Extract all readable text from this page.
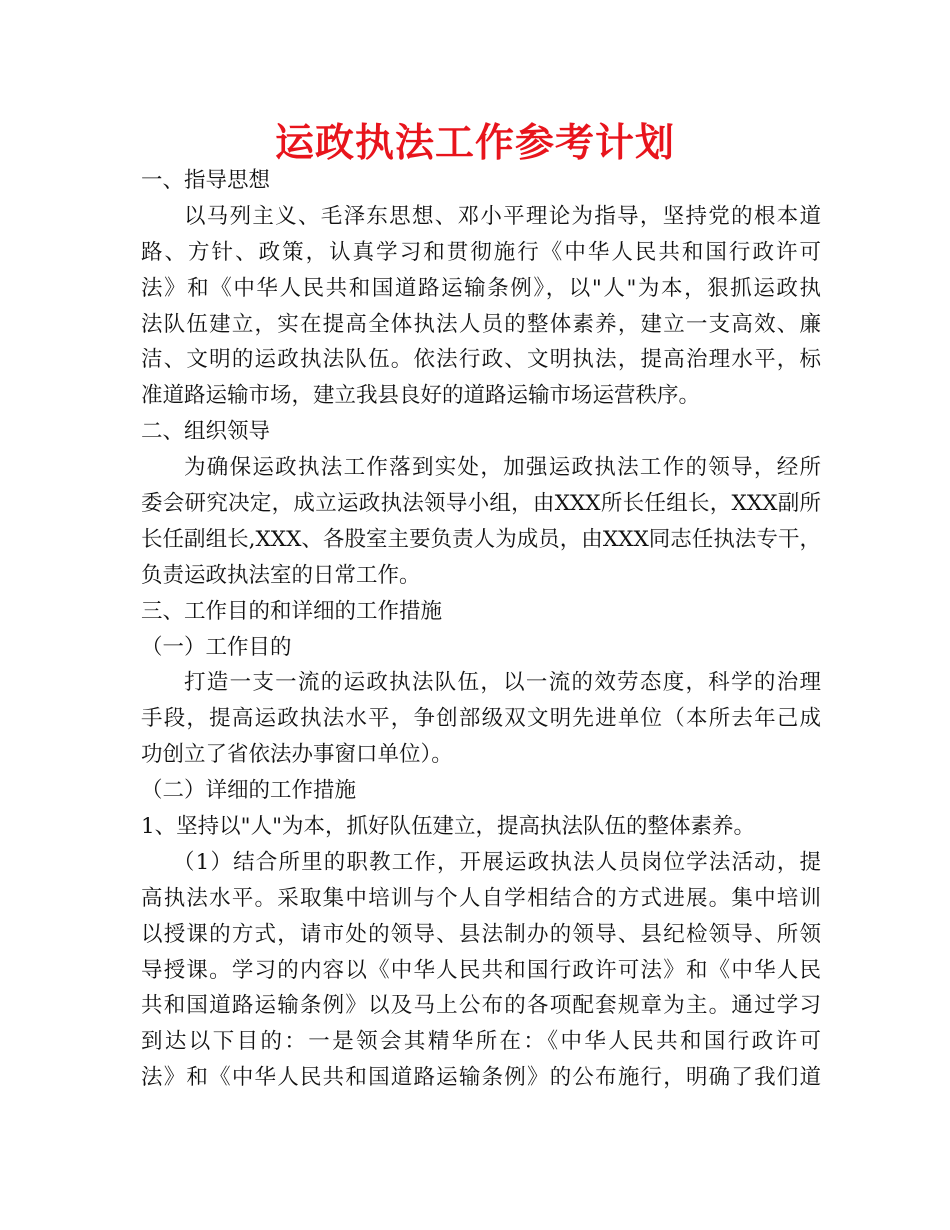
运政执法工作参考计划
一、指导思想
以马列主义、毛泽东思想、邓小平理论为指导，坚持党的根本道
路、方针、政策，认真学习和贯彻施行《中华人民共和国行政许可
法》和《中华人民共和国道路运输条例》，以"人"为本，狠抓运政执
法队伍建立，实在提高全体执法人员的整体素养，建立一支高效、廉
洁、文明的运政执法队伍。依法行政、文明执法，提高治理水平，标
准道路运输市场，建立我县良好的道路运输市场运营秩序。
二、组织领导
为确保运政执法工作落到实处，加强运政执法工作的领导，经所
委会研究决定，成立运政执法领导小组，由XXX所长任组长，XXX副所
长任副组长,XXX、各股室主要负责人为成员，由XXX同志任执法专干，
负责运政执法室的日常工作。
三、工作目的和详细的工作措施
（一）工作目的
打造一支一流的运政执法队伍，以一流的效劳态度，科学的治理
手段，提高运政执法水平，争创部级双文明先进单位（本所去年己成
功创立了省依法办事窗口单位）。
（二）详细的工作措施
1、坚持以"人"为本，抓好队伍建立，提高执法队伍的整体素养。
（1）结合所里的职教工作，开展运政执法人员岗位学法活动，提
高执法水平。采取集中培训与个人自学相结合的方式进展。集中培训
以授课的方式，请市处的领导、县法制办的领导、县纪检领导、所领
导授课。学习的内容以《中华人民共和国行政许可法》和《中华人民
共和国道路运输条例》以及马上公布的各项配套规章为主。通过学习
到达以下目的：一是领会其精华所在：《中华人民共和国行政许可
法》和《中华人民共和国道路运输条例》的公布施行，明确了我们道
